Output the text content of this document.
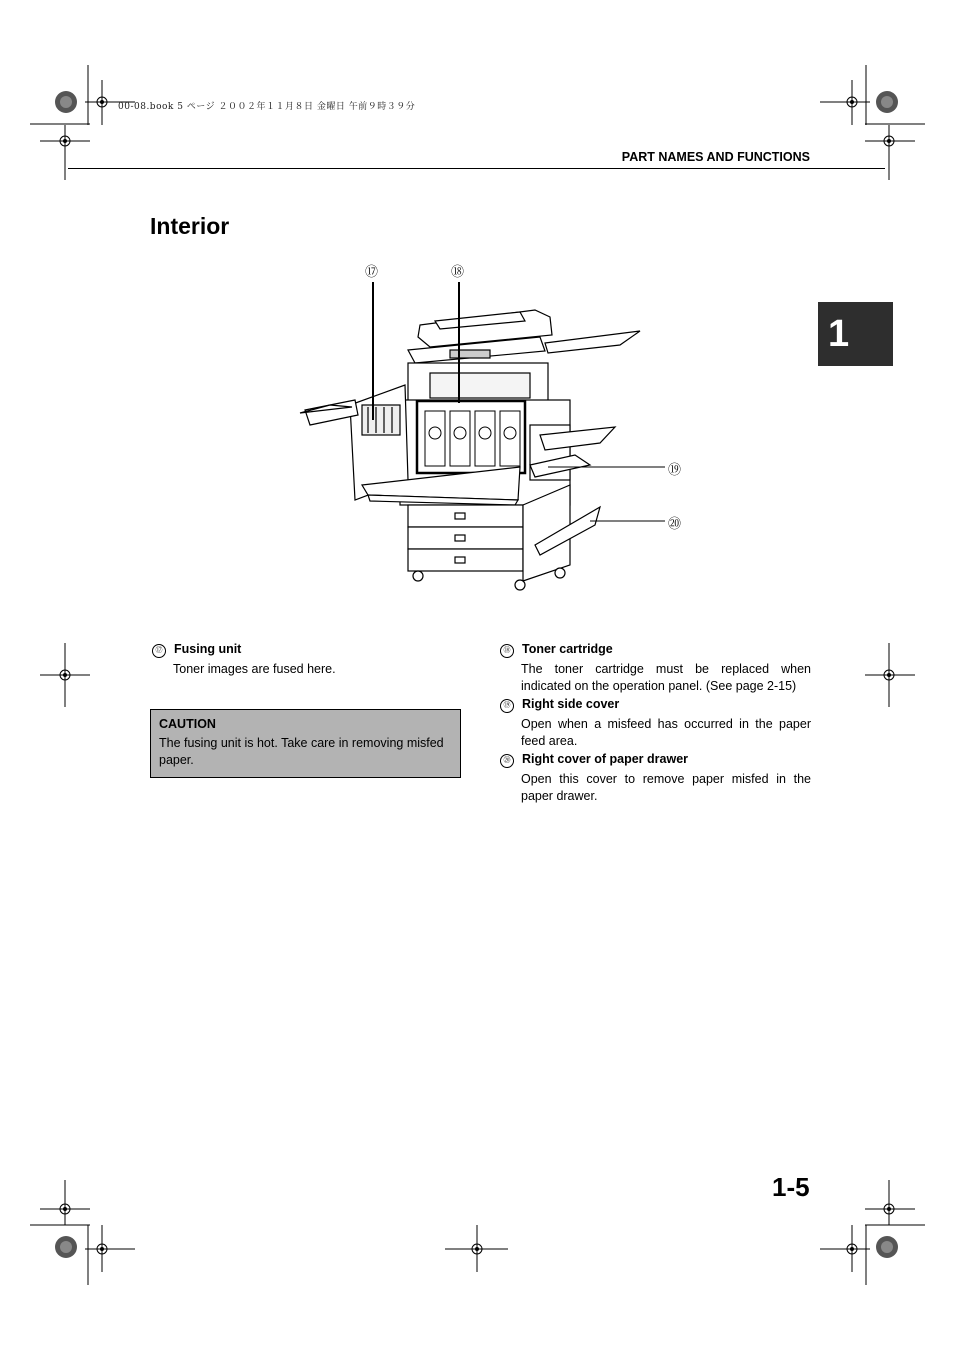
00-08.book 5 ページ ２００２年１１月８日 金曜日 午前９時３９分
PART NAMES AND FUNCTIONS
1
Interior
⑰	⑱
⑲
⑳
⑰ Fusing unit
Toner images are fused here.
CAUTION
The fusing unit is hot. Take care in removing misfed paper.
⑱ Toner cartridge
The toner cartridge must be replaced when indicated on the operation panel. (See page 2-15)
⑲ Right side cover
Open when a misfeed has occurred in the paper feed area.
⑳ Right cover of paper drawer
Open this cover to remove paper misfed in the paper drawer.
1-5
